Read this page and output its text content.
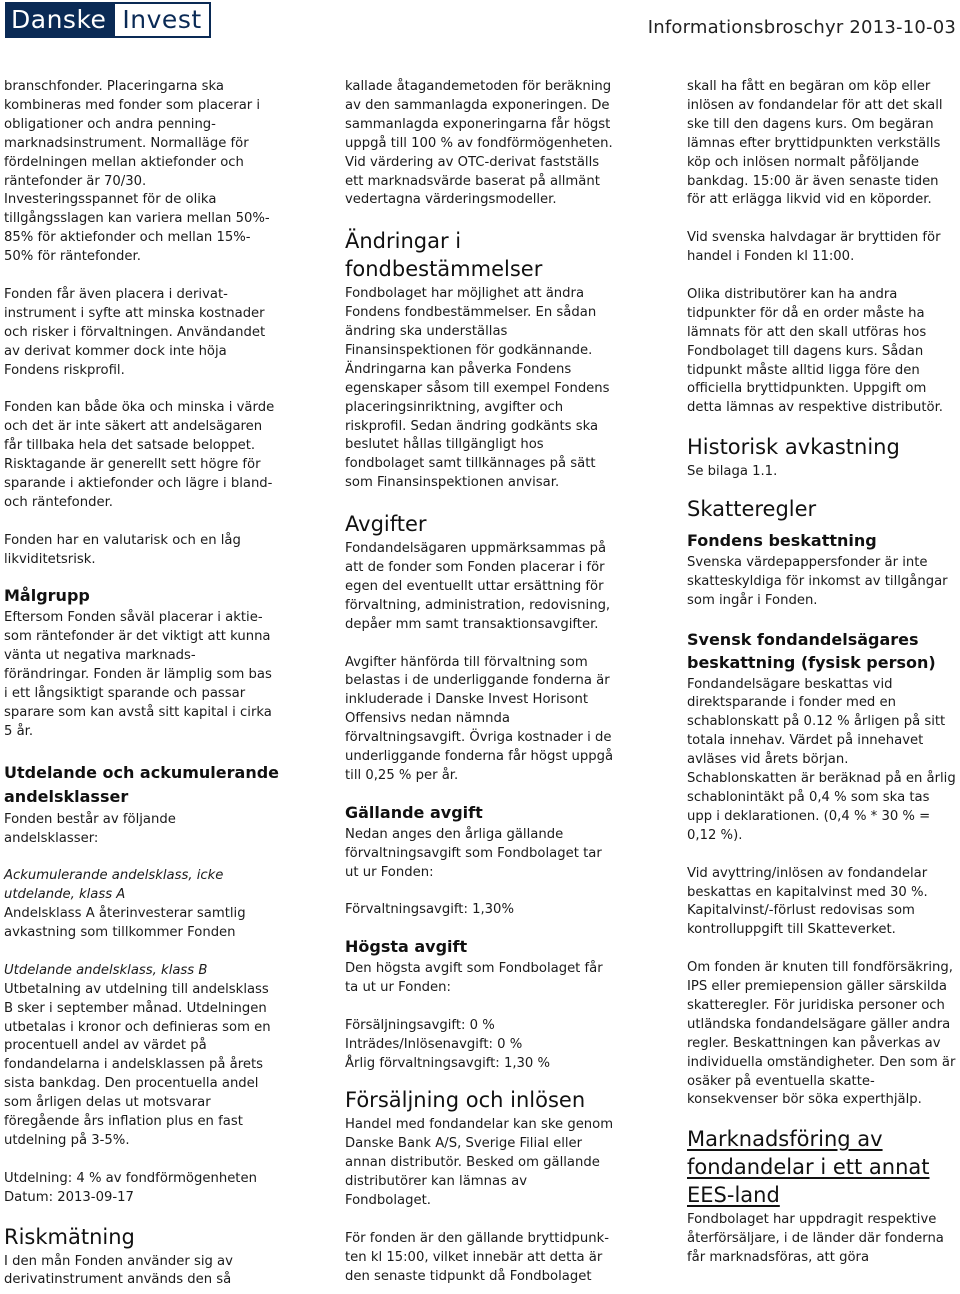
Danske Invest	Informationsbroschyr 2013-10-03

branschfonder. Placeringarna ska
kombineras med fonder som placerar i
obligationer och andra penning-
marknadsinstrument. Normalläge för
fördelningen mellan aktiefonder och
räntefonder är 70/30.
Investeringsspannet för de olika
tillgångsslagen kan variera mellan 50%-
85% för aktiefonder och mellan 15%-
50% för räntefonder.

Fonden får även placera i derivat-
instrument i syfte att minska kostnader
och risker i förvaltningen. Användandet
av derivat kommer dock inte höja
Fondens riskprofil.

Fonden kan både öka och minska i värde
och det är inte säkert att andelsägaren
får tillbaka hela det satsade beloppet.
Risktagande är generellt sett högre för
sparande i aktiefonder och lägre i bland-
och räntefonder.

Fonden har en valutarisk och en låg
likviditetsrisk.

Målgrupp

Eftersom Fonden såväl placerar i aktie-
som räntefonder är det viktigt att kunna
vänta ut negativa marknads-
förändringar. Fonden är lämplig som bas
i ett långsiktigt sparande och passar
sparare som kan avstå sitt kapital i cirka
5 år.

Utdelande och ackumulerande
andelsklasser

Fonden består av följande
andelsklasser:

Ackumulerande andelsklass, icke
utdelande, klass A

Andelsklass A återinvesterar samtlig
avkastning som tillkommer Fonden

Utdelande andelsklass, klass B

Utbetalning av utdelning till andelsklass
B sker i september månad. Utdelningen
utbetalas i kronor och definieras som en
procentuell andel av värdet på
fondandelarna i andelsklassen på årets
sista bankdag. Den procentuella andel
som årligen delas ut motsvarar
föregående års inflation plus en fast
utdelning på 3-5%.

Utdelning: 4 % av fondförmögenheten
Datum: 2013-09-17

Riskmätning

I den mån Fonden använder sig av
derivatinstrument används den så

kallade åtagandemetoden för beräkning
av den sammanlagda exponeringen. De
sammanlagda exponeringarna får högst
uppgå till 100 % av fondförmögenheten.
Vid värdering av OTC-derivat fastställs
ett marknadsvärde baserat på allmänt
vedertagna värderingsmodeller.

Ändringar i
fondbestämmelser

Fondbolaget har möjlighet att ändra
Fondens fondbestämmelser. En sådan
ändring ska underställas
Finansinspektionen för godkännande.
Ändringarna kan påverka Fondens
egenskaper såsom till exempel Fondens
placeringsinriktning, avgifter och
riskprofil. Sedan ändring godkänts ska
beslutet hållas tillgängligt hos
fondbolaget samt tillkännages på sätt
som Finansinspektionen anvisar.

Avgifter

Fondandelsägaren uppmärksammas på
att de fonder som Fonden placerar i för
egen del eventuellt uttar ersättning för
förvaltning, administration, redovisning,
depåer mm samt transaktionsavgifter.

Avgifter hänförda till förvaltning som
belastas i de underliggande fonderna är
inkluderade i Danske Invest Horisont
Offensivs nedan nämnda
förvaltningsavgift. Övriga kostnader i de
underliggande fonderna får högst uppgå
till 0,25 % per år.

Gällande avgift

Nedan anges den årliga gällande
förvaltningsavgift som Fondbolaget tar
ut ur Fonden:

Förvaltningsavgift: 1,30%

Högsta avgift

Den högsta avgift som Fondbolaget får
ta ut ur Fonden:

Försäljningsavgift: 0 %
Inträdes/Inlösenavgift: 0 %
Årlig förvaltningsavgift: 1,30 %

Försäljning och inlösen

Handel med fondandelar kan ske genom
Danske Bank A/S, Sverige Filial eller
annan distributör. Besked om gällande
distributörer kan lämnas av
Fondbolaget.

För fonden är den gällande bryttidpunk-
ten kl 15:00, vilket innebär att detta är
den senaste tidpunkt då Fondbolaget

skall ha fått en begäran om köp eller
inlösen av fondandelar för att det skall
ske till den dagens kurs. Om begäran
lämnas efter bryttidpunkten verkställs
köp och inlösen normalt påföljande
bankdag. 15:00 är även senaste tiden
för att erlägga likvid vid en köporder.

Vid svenska halvdagar är bryttiden för
handel i Fonden kl 11:00.

Olika distributörer kan ha andra
tidpunkter för då en order måste ha
lämnats för att den skall utföras hos
Fondbolaget till dagens kurs. Sådan
tidpunkt måste alltid ligga före den
officiella bryttidpunkten. Uppgift om
detta lämnas av respektive distributör.

Historisk avkastning

Se bilaga 1.1.

Skatteregler
Fondens beskattning

Svenska värdepappersfonder är inte
skatteskyldiga för inkomst av tillgångar
som ingår i Fonden.

Svensk fondandelsägares
beskattning (fysisk person)

Fondandelsägare beskattas vid
direktsparande i fonder med en
schablonskatt på 0.12 % årligen på sitt
totala innehav. Värdet på innehavet
avläses vid årets början.
Schablonskatten är beräknad på en årlig
schablonintäkt på 0,4 % som ska tas
upp i deklarationen. (0,4 % * 30 % =
0,12 %).

Vid avyttring/inlösen av fondandelar
beskattas en kapitalvinst med 30 %.
Kapitalvinst/-förlust redovisas som
kontrolluppgift till Skatteverket.

Om fonden är knuten till fondförsäkring,
IPS eller premiepension gäller särskilda
skatteregler. För juridiska personer och
utländska fondandelsägare gäller andra
regler. Beskattningen kan påverkas av
individuella omständigheter. Den som är
osäker på eventuella skatte-
konsekvenser bör söka experthjälp.

Marknadsföring av
fondandelar i ett annat
EES-land

Fondbolaget har uppdragit respektive
återförsäljare, i de länder där fonderna
får marknadsföras, att göra
